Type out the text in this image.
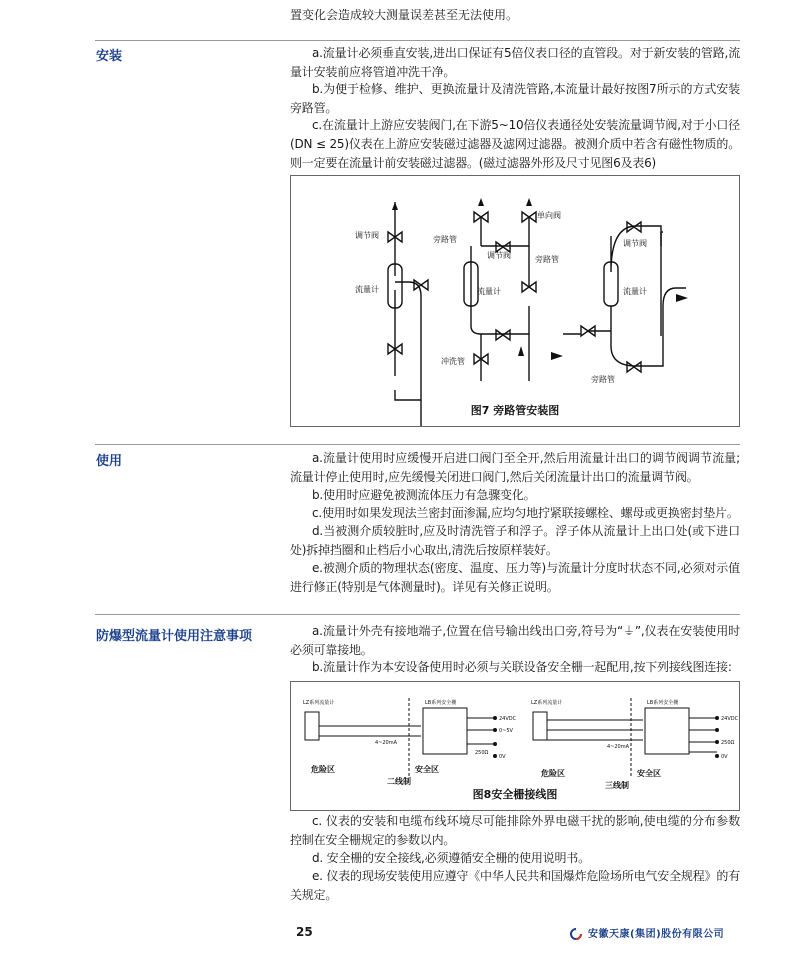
置变化会造成较大测量误差甚至无法使用。
安装	a.流量计必须垂直安装,进出口保证有5倍仪表口径的直管段。对于新安装的管路,流量计安装前应将管道冲洗干净。
b.为便于检修、维护、更换流量计及清洗管路,本流量计最好按图7所示的方式安装旁路管。
c.在流量计上游应安装阀门,在下游5~10倍仪表通径处安装流量调节阀,对于小口径(DN ≤ 25)仪表在上游应安装磁过滤器及滤网过滤器。被测介质中若含有磁性物质的。则一定要在流量计前安装磁过滤器。(磁过滤器外形及尺寸见图6及表6)
调节阀	旁路管
流量计
单向阀
调节阀	旁路管
流量计
冲洗管
调节阀
流量计
旁路管
图7 旁路管安装图
使用	a.流量计使用时应缓慢开启进口阀门至全开,然后用流量计出口的调节阀调节流量;流量计停止使用时,应先缓慢关闭进口阀门,然后关闭流量计出口的流量调节阀。
b.使用时应避免被测流体压力有急骤变化。
c.使用时如果发现法兰密封面渗漏,应均匀地拧紧联接螺栓、螺母或更换密封垫片。
d.当被测介质较脏时,应及时清洗管子和浮子。浮子体从流量计上出口处(或下进口处)拆掉挡圈和止档后小心取出,清洗后按原样装好。
e.被测介质的物理状态(密度、温度、压力等)与流量计分度时状态不同,必须对示值进行修正(特别是气体测量时)。详见有关修正说明。
防爆型流量计使用注意事项	a.流量计外壳有接地端子,位置在信号输出线出口旁,符号为“⏚”,仪表在安装使用时必须可靠接地。
b.流量计作为本安设备使用时必须与关联设备安全栅一起配用,按下列接线图连接:
LZ系列流量计	LB系列安全栅
24VDC
0~5V
250Ω
0V
4~20mA
LZ系列流量计	LB系列安全栅
24VDC
250Ω
0V
4~20mA
危险区	安全区
二线制
危险区	安全区
三线制
图8安全栅接线图
c. 仪表的安装和电缆布线环境尽可能排除外界电磁干扰的影响,使电缆的分布参数控制在安全栅规定的参数以内。
d. 安全栅的安全接线,必须遵循安全栅的使用说明书。
e. 仪表的现场安装使用应遵守《中华人民共和国爆炸危险场所电气安全规程》的有关规定。
25	安徽天康(集团)股份有限公司
